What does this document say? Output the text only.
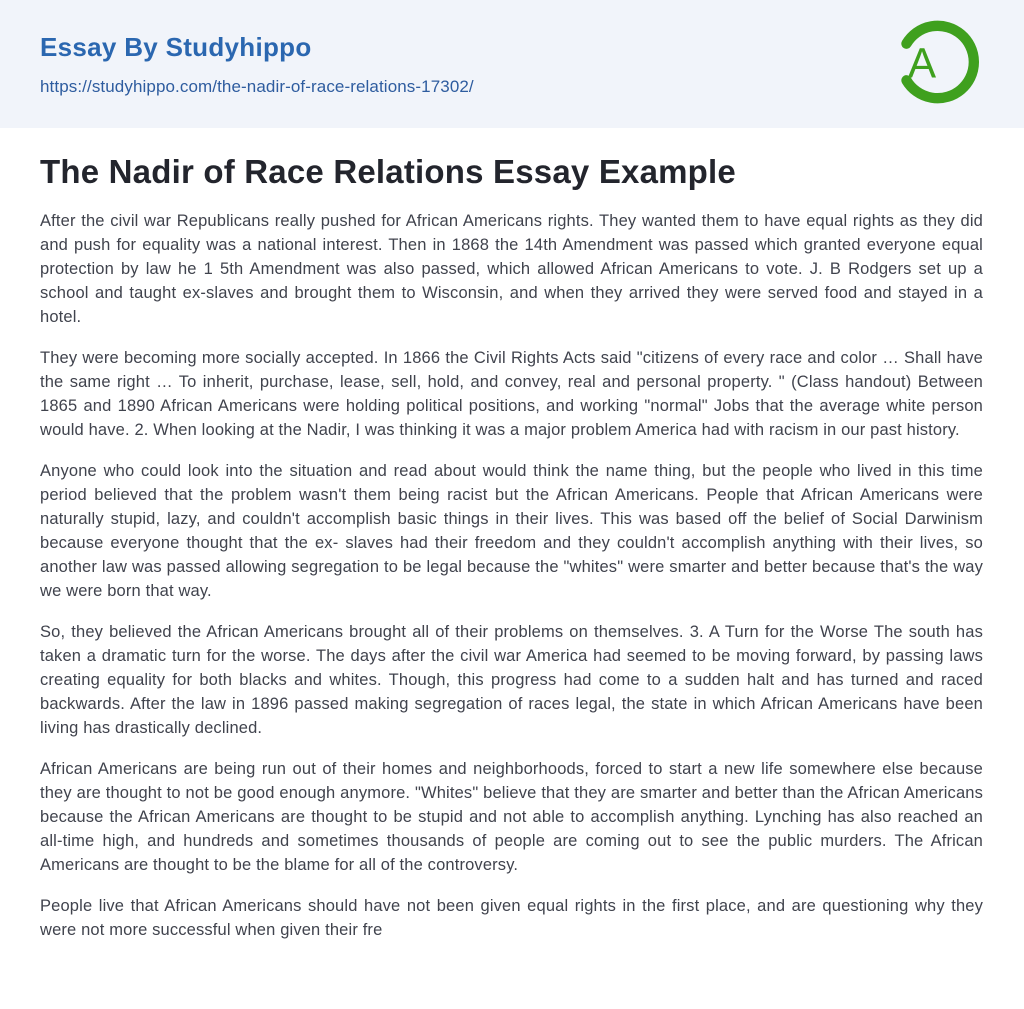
Essay By Studyhippo
https://studyhippo.com/the-nadir-of-race-relations-17302/
A
The Nadir of Race Relations Essay Example

After the civil war Republicans really pushed for African Americans rights. They wanted them to have equal rights as they did and push for equality was a national interest. Then in 1868 the 14th Amendment was passed which granted everyone equal protection by law he 1 5th Amendment was also passed, which allowed African Americans to vote. J. B Rodgers set up a school and taught ex-slaves and brought them to Wisconsin, and when they arrived they were served food and stayed in a hotel.

They were becoming more socially accepted. In 1866 the Civil Rights Acts said "citizens of every race and color … Shall have the same right … To inherit, purchase, lease, sell, hold, and convey, real and personal property. " (Class handout) Between 1865 and 1890 African Americans were holding political positions, and working "normal" Jobs that the average white person would have. 2. When looking at the Nadir, I was thinking it was a major problem America had with racism in our past history.

Anyone who could look into the situation and read about would think the name thing, but the people who lived in this time period believed that the problem wasn't them being racist but the African Americans. People that African Americans were naturally stupid, lazy, and couldn't accomplish basic things in their lives. This was based off the belief of Social Darwinism because everyone thought that the ex- slaves had their freedom and they couldn't accomplish anything with their lives, so another law was passed allowing segregation to be legal because the "whites" were smarter and better because that's the way we were born that way.

So, they believed the African Americans brought all of their problems on themselves. 3. A Turn for the Worse The south has taken a dramatic turn for the worse. The days after the civil war America had seemed to be moving forward, by passing laws creating equality for both blacks and whites. Though, this progress had come to a sudden halt and has turned and raced backwards. After the law in 1896 passed making segregation of races legal, the state in which African Americans have been living has drastically declined.

African Americans are being run out of their homes and neighborhoods, forced to start a new life somewhere else because they are thought to not be good enough anymore. "Whites" believe that they are smarter and better than the African Americans because the African Americans are thought to be stupid and not able to accomplish anything. Lynching has also reached an all-time high, and hundreds and sometimes thousands of people are coming out to see the public murders. The African Americans are thought to be the blame for all of the controversy.

People live that African Americans should have not been given equal rights in the first place, and are questioning why they were not more successful when given their fre
